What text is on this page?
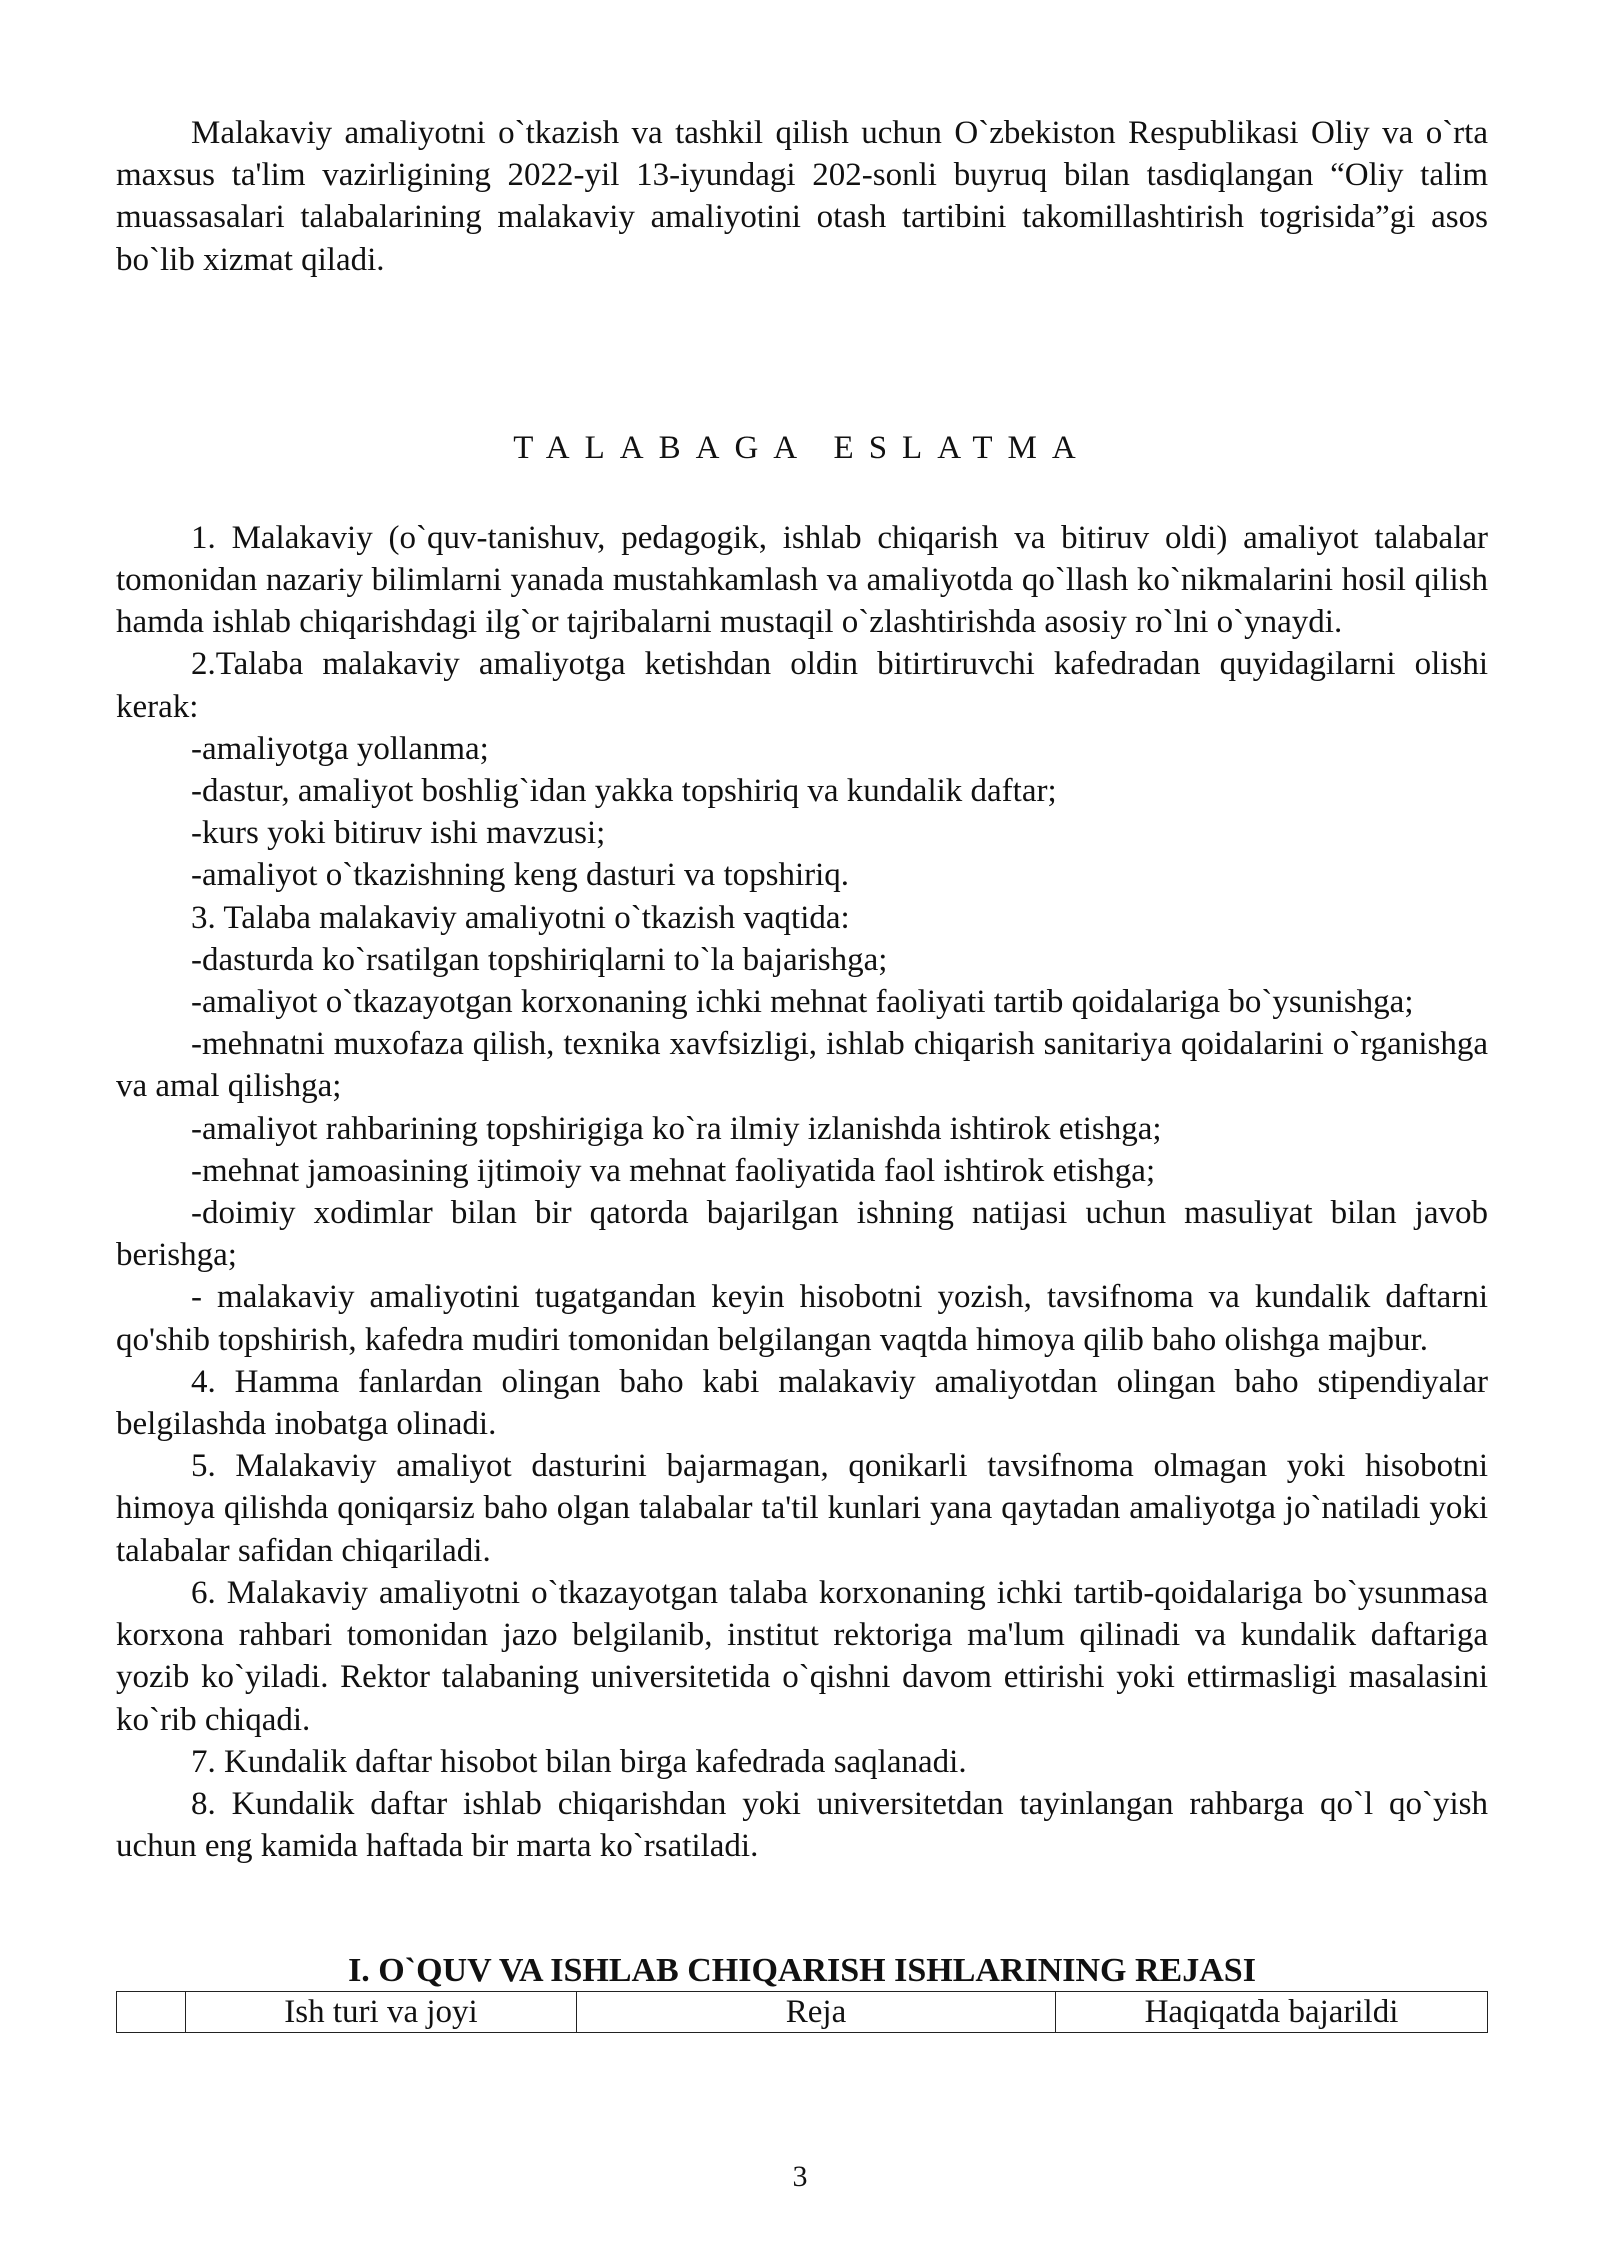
Malakaviy amaliyotni o`tkazish va tashkil qilish uchun O`zbekiston Respublikasi Oliy va o`rta maxsus ta'lim vazirligining 2022-yil 13-iyundagi 202-sonli buyruq bilan tasdiqlangan “Oliy talim muassasalari talabalarining malakaviy amaliyotini otash tartibini takomillashtirish togrisida”gi asos bo`lib xizmat qiladi.

TALABAGA ESLATMA

1. Malakaviy (o`quv-tanishuv, pedagogik, ishlab chiqarish va bitiruv oldi) amaliyot talabalar tomonidan nazariy bilimlarni yanada mustahkamlash va amaliyotda qo`llash ko`nikmalarini hosil qilish hamda ishlab chiqarishdagi ilg`or tajribalarni mustaqil o`zlashtirishda asosiy ro`lni o`ynaydi.

2.Talaba malakaviy amaliyotga ketishdan oldin bitirtiruvchi kafedradan quyidagilarni olishi kerak:

-amaliyotga yollanma;

-dastur, amaliyot boshlig`idan yakka topshiriq va kundalik daftar;

-kurs yoki bitiruv ishi mavzusi;

-amaliyot o`tkazishning keng dasturi va topshiriq.

3. Talaba malakaviy amaliyotni o`tkazish vaqtida:

-dasturda ko`rsatilgan topshiriqlarni to`la bajarishga;

-amaliyot o`tkazayotgan korxonaning ichki mehnat faoliyati tartib qoidalariga bo`ysunishga;

-mehnatni muxofaza qilish, texnika xavfsizligi, ishlab chiqarish sanitariya qoidalarini o`rganishga va amal qilishga;

-amaliyot rahbarining topshirigiga ko`ra ilmiy izlanishda ishtirok etishga;

-mehnat jamoasining ijtimoiy va mehnat faoliyatida faol ishtirok etishga;

-doimiy xodimlar bilan bir qatorda bajarilgan ishning natijasi uchun masuliyat bilan javob berishga;

- malakaviy amaliyotini tugatgandan keyin hisobotni yozish, tavsifnoma va kundalik daftarni qo'shib topshirish, kafedra mudiri tomonidan belgilangan vaqtda himoya qilib baho olishga majbur.

4. Hamma fanlardan olingan baho kabi malakaviy amaliyotdan olingan baho stipendiyalar belgilashda inobatga olinadi.

5. Malakaviy amaliyot dasturini bajarmagan, qonikarli tavsifnoma olmagan yoki hisobotni himoya qilishda qoniqarsiz baho olgan talabalar ta'til kunlari yana qaytadan amaliyotga jo`natiladi yoki talabalar safidan chiqariladi.

6. Malakaviy amaliyotni o`tkazayotgan talaba korxonaning ichki tartib-qoidalariga bo`ysunmasa korxona rahbari tomonidan jazo belgilanib, institut rektoriga ma'lum qilinadi va kundalik daftariga yozib ko`yiladi. Rektor talabaning universitetida o`qishni davom ettirishi yoki ettirmasligi masalasini ko`rib chiqadi.

7. Kundalik daftar hisobot bilan birga kafedrada saqlanadi.

8. Kundalik daftar ishlab chiqarishdan yoki universitetdan tayinlangan rahbarga qo`l qo`yish uchun eng kamida haftada bir marta ko`rsatiladi.

I. O`QUV VA ISHLAB CHIQARISH ISHLARINING REJASI

	Ish turi va joyi	Reja	Haqiqatda bajarildi
3
